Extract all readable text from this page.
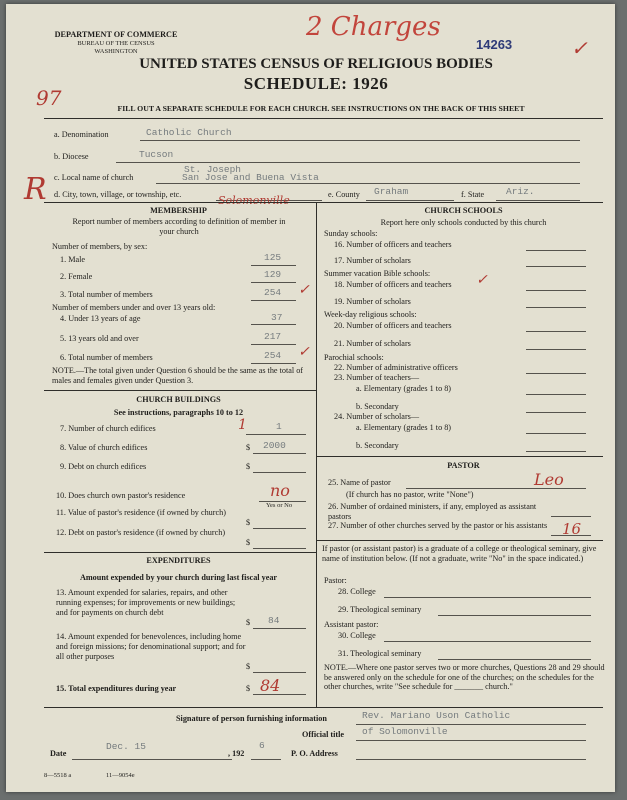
DEPARTMENT OF COMMERCE
BUREAU OF THE CENSUS
WASHINGTON
2 Charges
14263	✓
UNITED STATES CENSUS OF RELIGIOUS BODIES
SCHEDULE: 1926
97	FILL OUT A SEPARATE SCHEDULE FOR EACH CHURCH. SEE INSTRUCTIONS ON THE BACK OF THIS SHEET
a. Denomination	Catholic Church
b. Diocese	Tucson
c. Local name of church
St. Joseph
San Jose and Buena Vista
R d. City, town, village, or township, etc.	Solomonville	e. County Graham	f. State Ariz.
MEMBERSHIP
Report number of members according to definition of member in your church
Number of members, by sex:
1. Male	125
2. Female	129
3. Total number of members	254 ✓
Number of members under and over 13 years old:
4. Under 13 years of age	37
5. 13 years old and over	217
6. Total number of members	254 ✓
NOTE.—The total given under Question 6 should be the same as the total of males and females given under Question 3.
CHURCH BUILDINGS
See instructions, paragraphs 10 to 12
7. Number of church edifices	1
1
8. Value of church edifices	$ 2000
9. Debt on church edifices	$
10. Does church own pastor's residence	no
Yes or No
11. Value of pastor's residence (if owned by church)
$
12. Debt on pastor's residence (if owned by church)
$
EXPENDITURES
Amount expended by your church during last fiscal year
13. Amount expended for salaries, repairs, and other running expenses; for improvements or new buildings; and for payments on church debt
$ 84
14. Amount expended for benevolences, including home and foreign missions; for denominational support; and for all other purposes
$
15. Total expenditures during year	$ 84
CHURCH SCHOOLS
Report here only schools conducted by this church
Sunday schools:
16. Number of officers and teachers
17. Number of scholars
Summer vacation Bible schools:
18. Number of officers and teachers ✓
19. Number of scholars
Week-day religious schools:
20. Number of officers and teachers
21. Number of scholars
Parochial schools:
22. Number of administrative officers
23. Number of teachers—
a. Elementary (grades 1 to 8)
b. Secondary
24. Number of scholars—
a. Elementary (grades 1 to 8)
b. Secondary
PASTOR
25. Name of pastor	Leo
(If church has no pastor, write "None")
26. Number of ordained ministers, if any, employed as assistant pastors
27. Number of other churches served by the pastor or his assistants 16
If pastor (or assistant pastor) is a graduate of a college or theological seminary, give name of institution below. (If not a graduate, write "No" in the space indicated.)
Pastor:
28. College
29. Theological seminary
Assistant pastor:
30. College
31. Theological seminary
NOTE.—Where one pastor serves two or more churches, Questions 28 and 29 should be answered only on the schedule for one of the churches; on the schedules for the other churches, write "See schedule for _______ church."
Signature of person furnishing information	Rev. Mariano Uson Catholic
Official title of Solomonville
Date
Dec. 15
, 192
6
P. O. Address
8—5518 a	11—9054e
